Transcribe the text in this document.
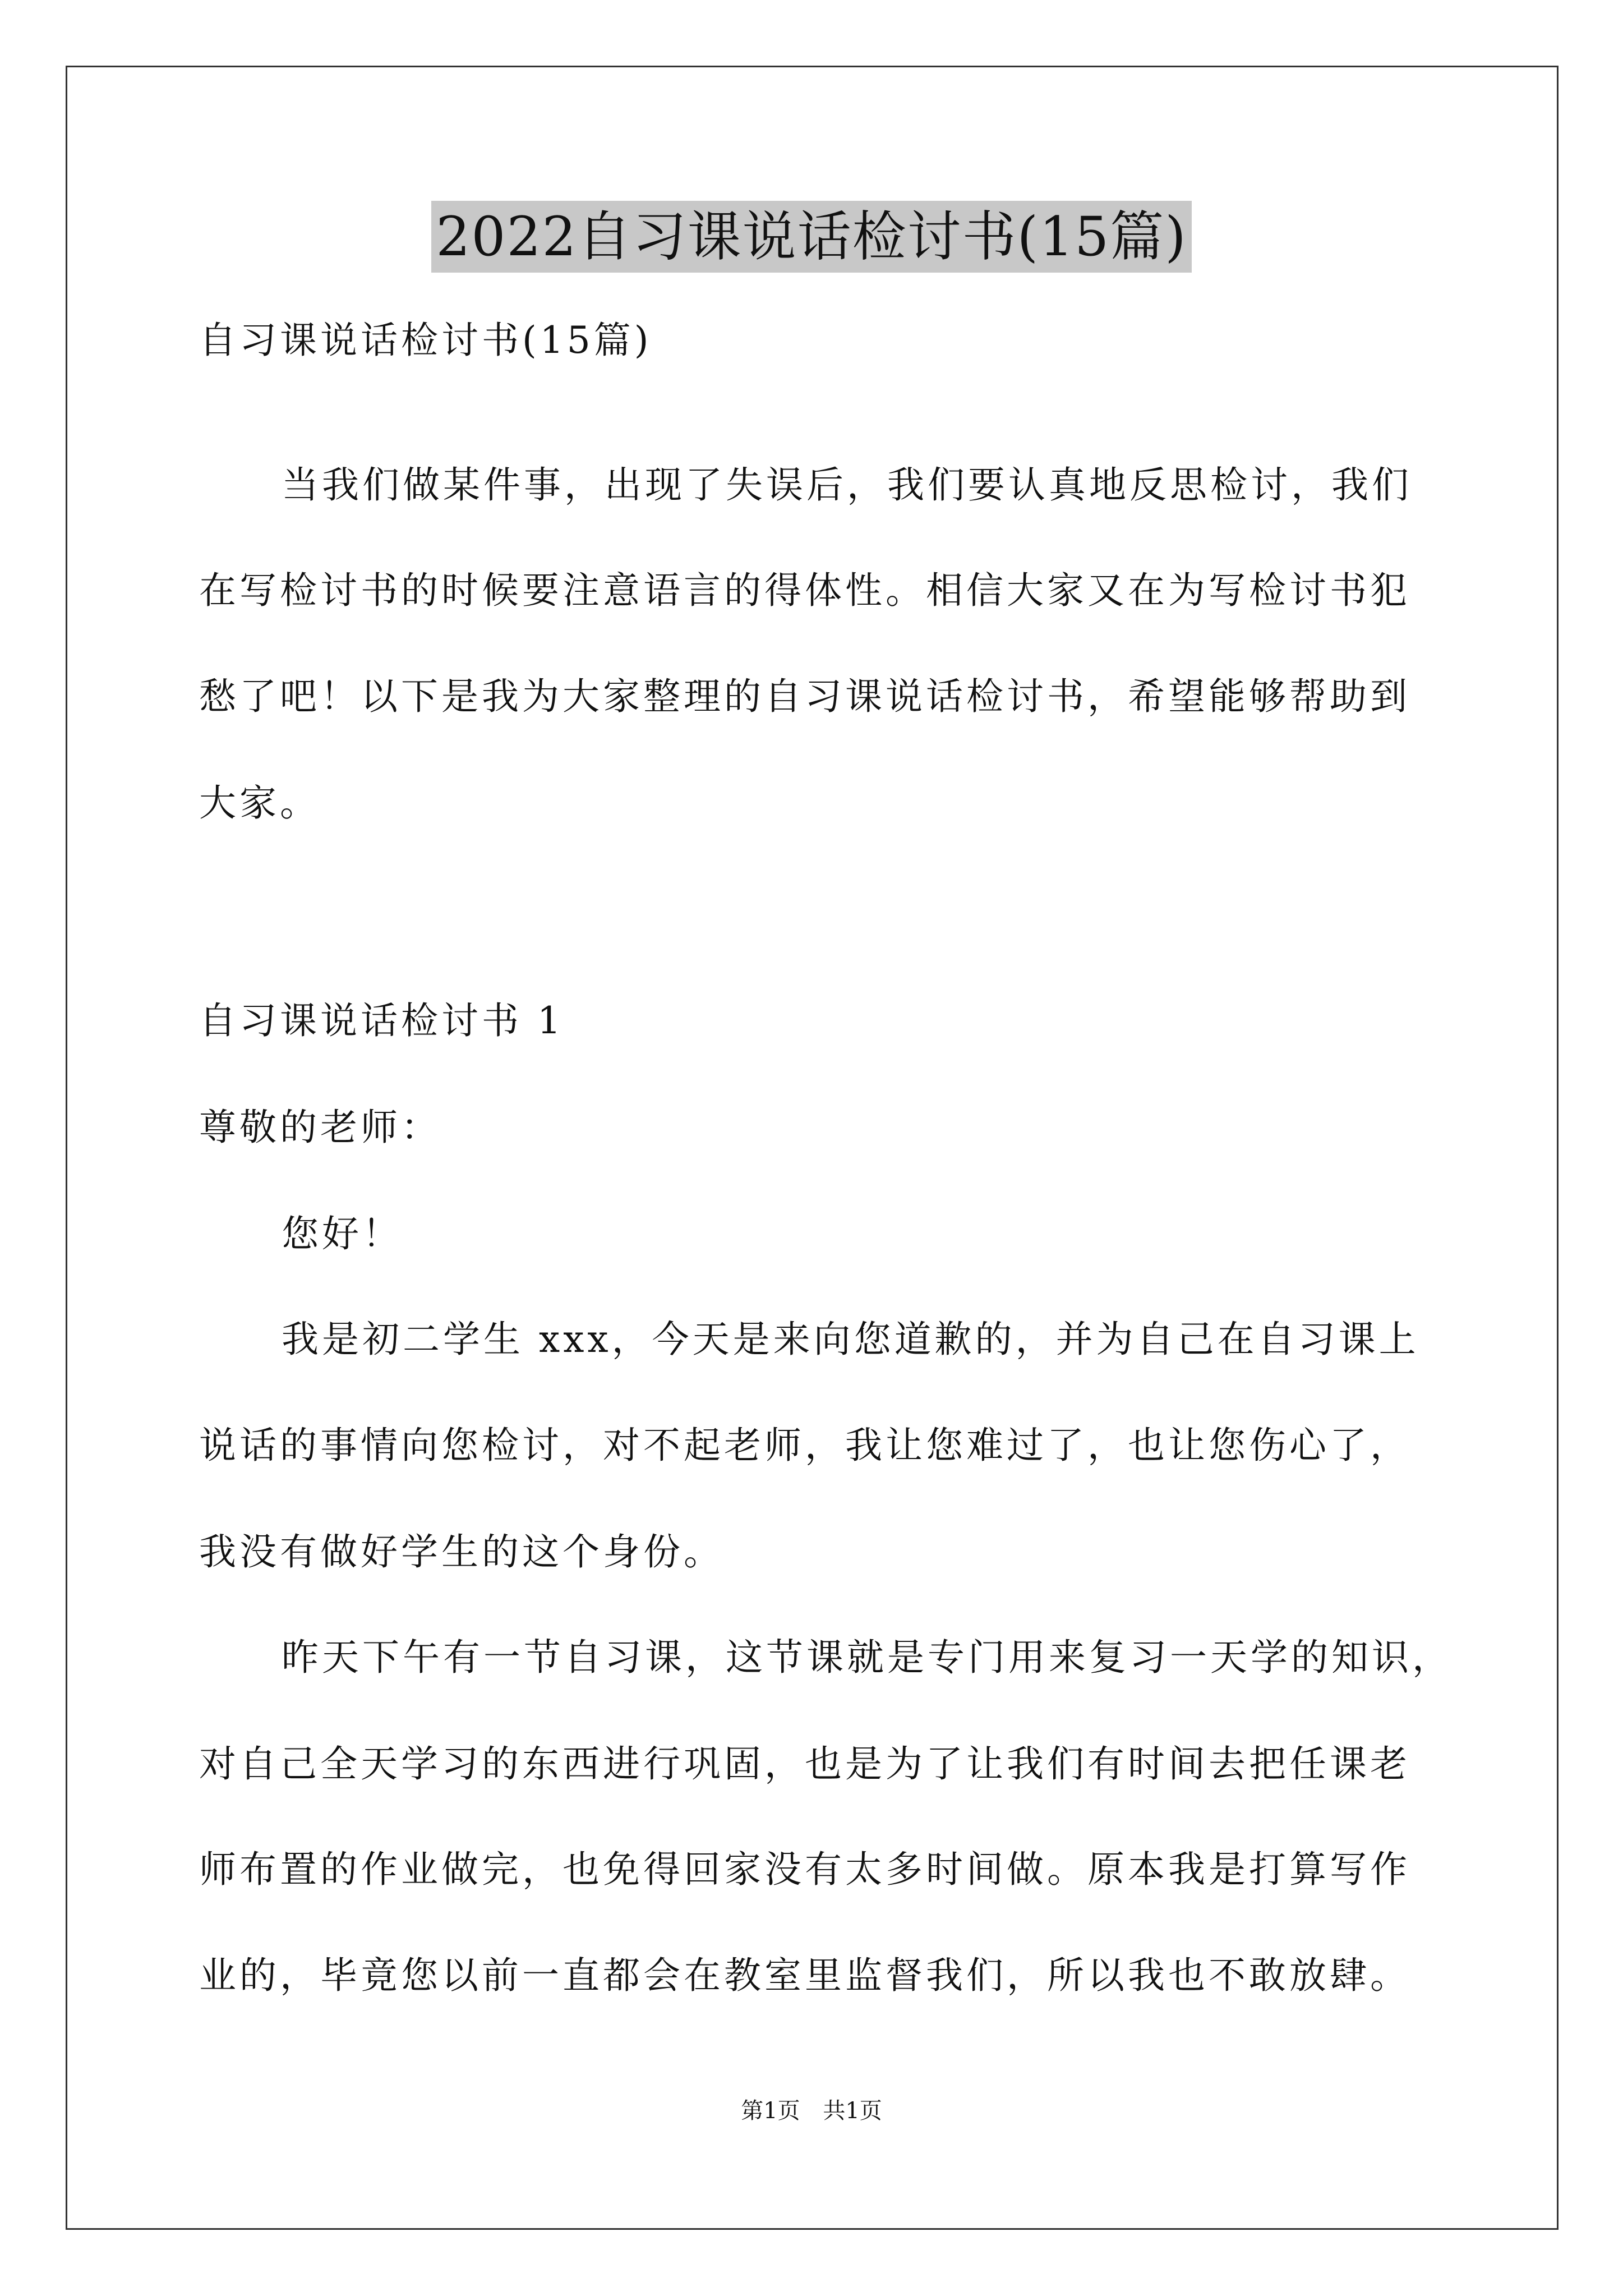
2022自习课说话检讨书(15篇)
自习课说话检讨书(15篇)
当我们做某件事，出现了失误后，我们要认真地反思检讨，我们
在写检讨书的时候要注意语言的得体性。相信大家又在为写检讨书犯
愁了吧！以下是我为大家整理的自习课说话检讨书，希望能够帮助到
大家。
自习课说话检讨书 1
尊敬的老师：
您好！
我是初二学生 xxx，今天是来向您道歉的，并为自己在自习课上
说话的事情向您检讨，对不起老师，我让您难过了，也让您伤心了，
我没有做好学生的这个身份。
昨天下午有一节自习课，这节课就是专门用来复习一天学的知识，
对自己全天学习的东西进行巩固，也是为了让我们有时间去把任课老
师布置的作业做完，也免得回家没有太多时间做。原本我是打算写作
业的，毕竟您以前一直都会在教室里监督我们，所以我也不敢放肆。
第1页 共1页
